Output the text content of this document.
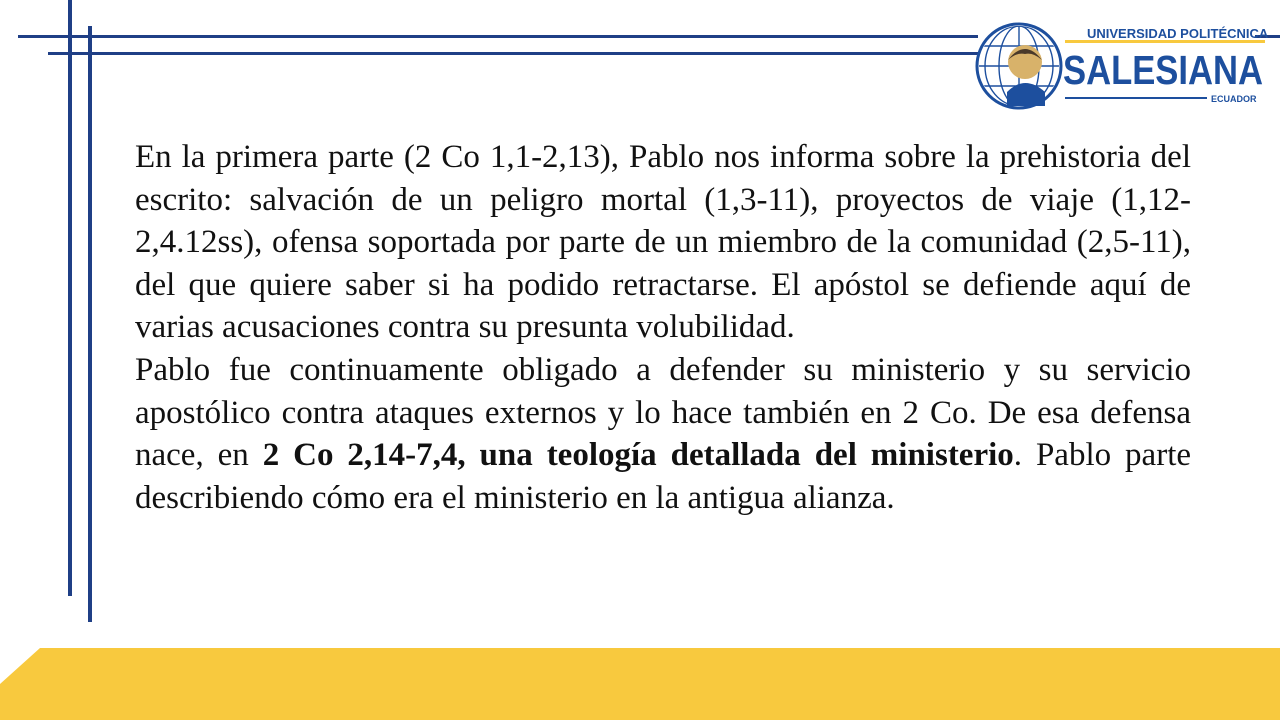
UNIVERSIDAD POLITÉCNICA
SALESIANA
ECUADOR

En la primera parte (2 Co 1,1-2,13), Pablo nos informa sobre la prehistoria del escrito: salvación de un peligro mortal (1,3-11), proyectos de viaje (1,12-2,4.12ss), ofensa soportada por parte de un miembro de la comunidad (2,5-11), del que quiere saber si ha podido retractarse. El apóstol se defiende aquí de varias acusaciones contra su presunta volubilidad.

Pablo fue continuamente obligado a defender su ministerio y su servicio apostólico contra ataques externos y lo hace también en 2 Co. De esa defensa nace, en 2 Co 2,14-7,4, una teología detallada del ministerio. Pablo parte describiendo cómo era el ministerio en la antigua alianza.
